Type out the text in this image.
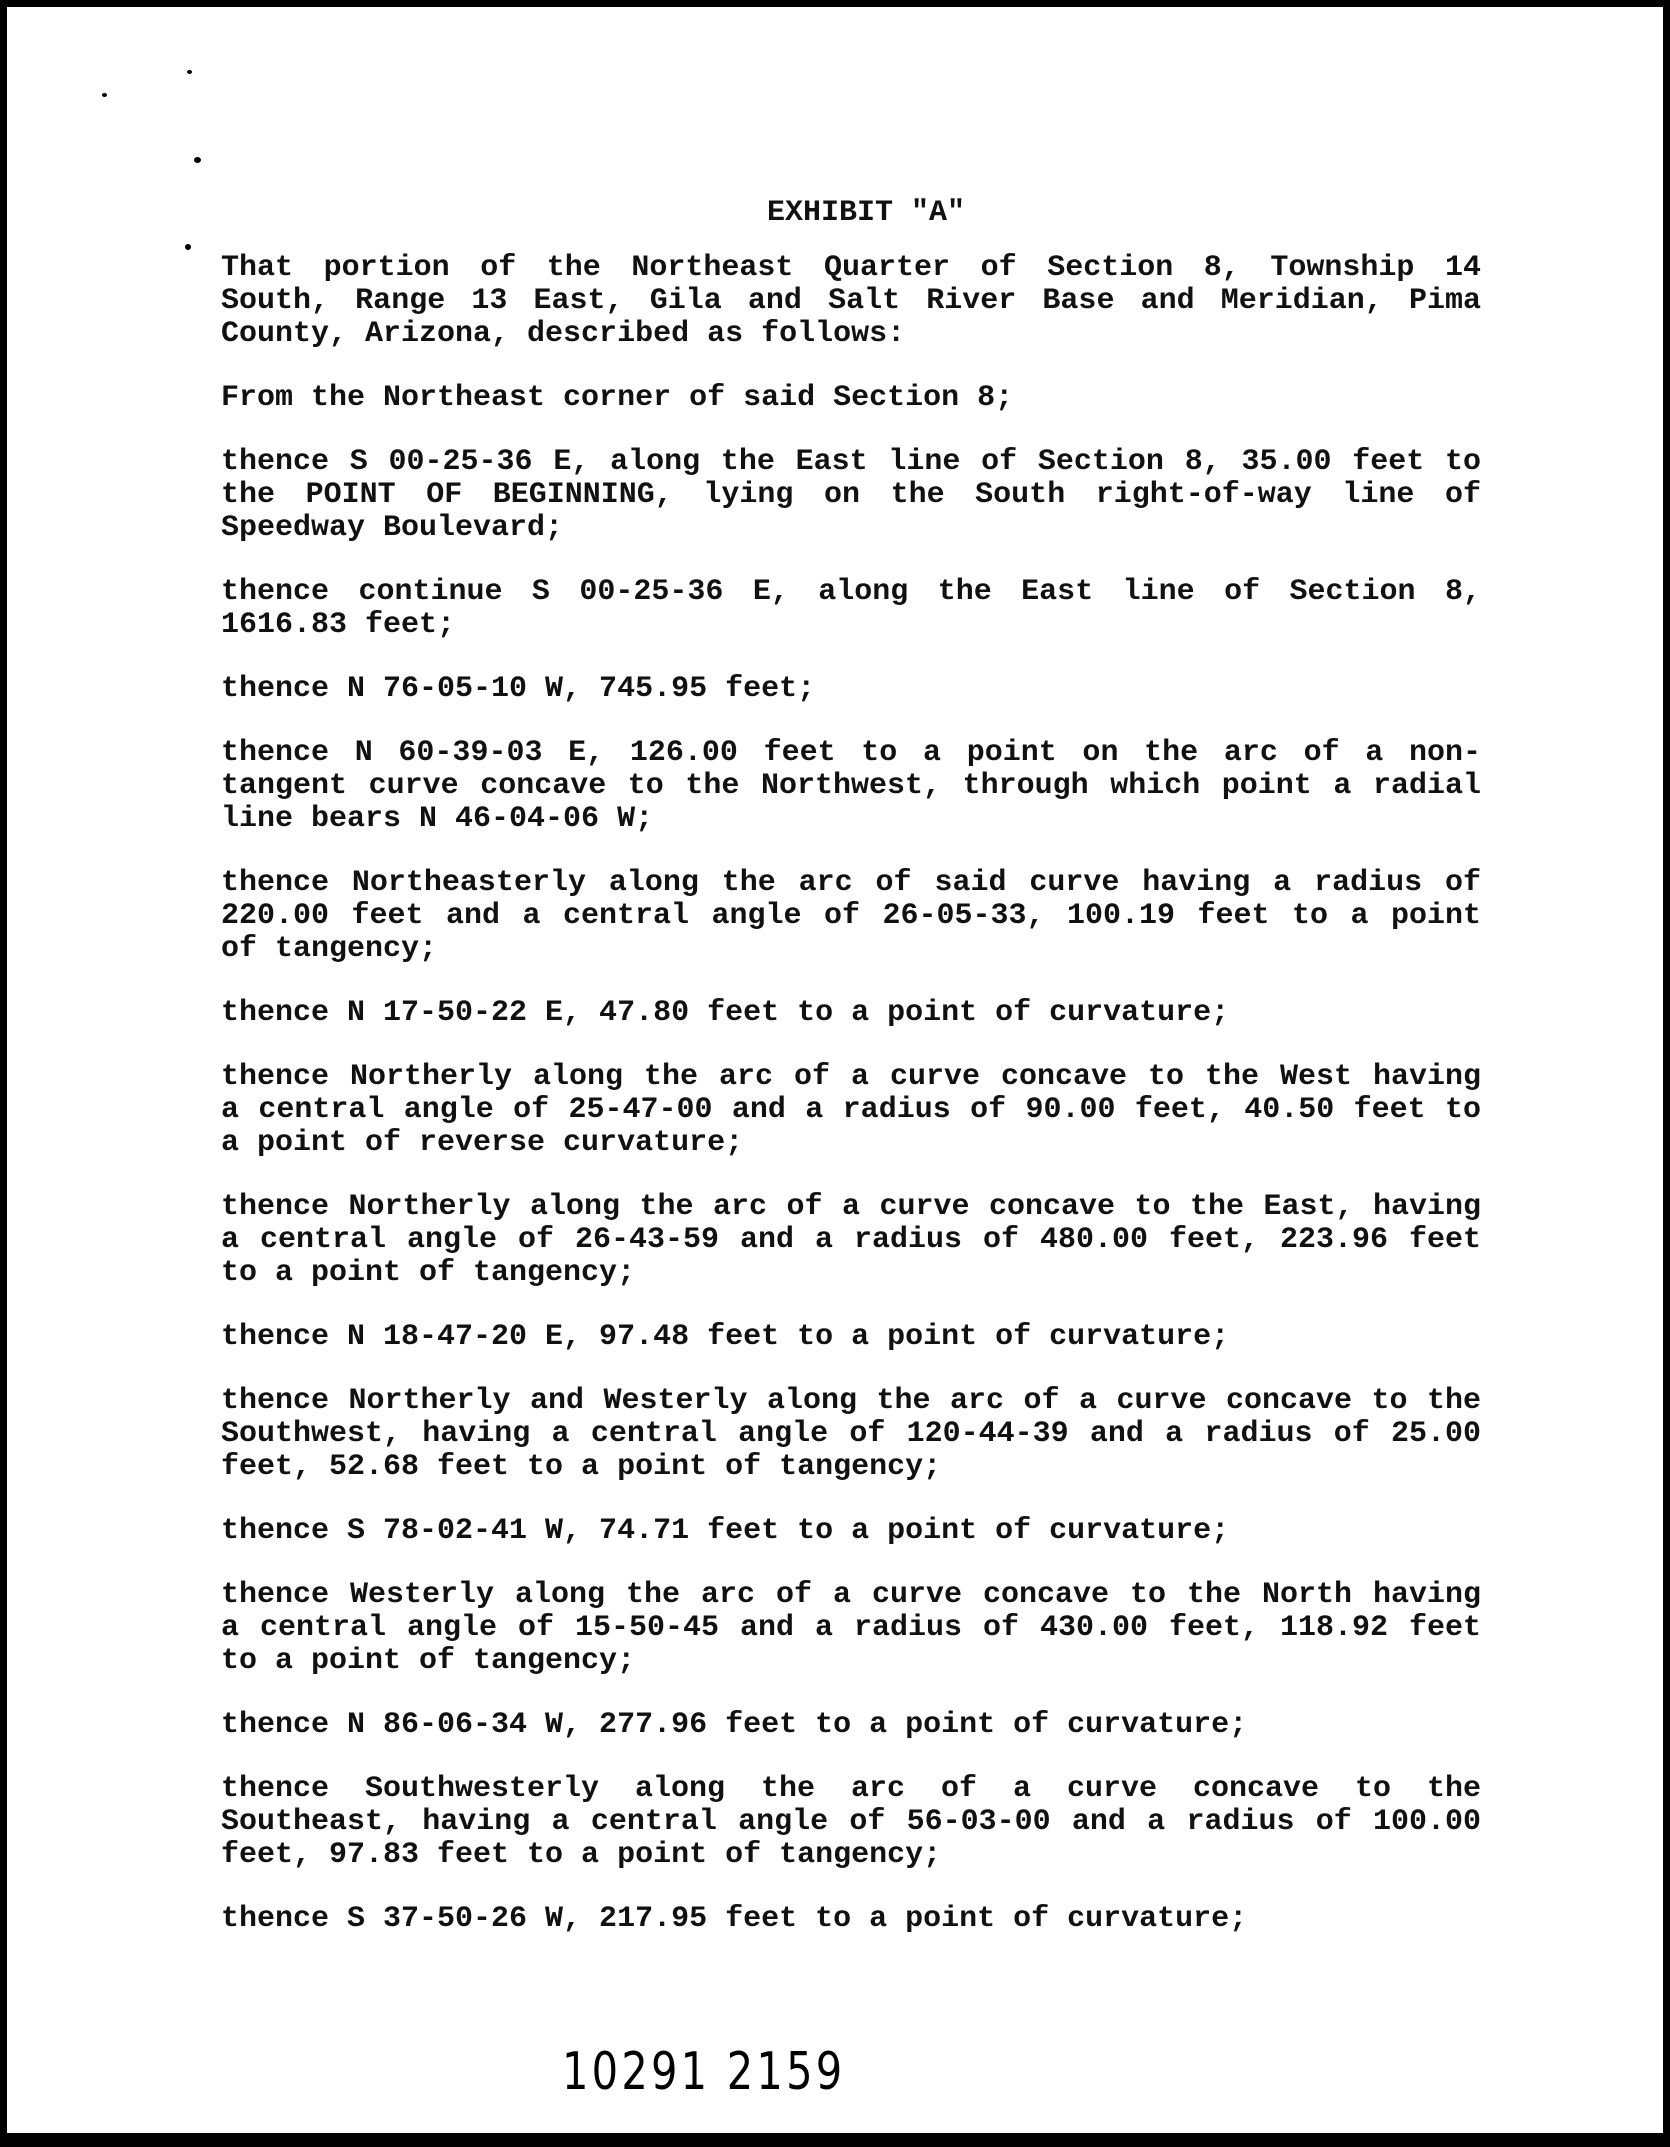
EXHIBIT "A"

That portion of the Northeast Quarter of Section 8, Township 14 South, Range 13 East, Gila and Salt River Base and Meridian, Pima County, Arizona, described as follows:

From the Northeast corner of said Section 8;

thence S 00-25-36 E, along the East line of Section 8, 35.00 feet to the POINT OF BEGINNING, lying on the South right-of-way line of Speedway Boulevard;

thence continue S 00-25-36 E, along the East line of Section 8, 1616.83 feet;

thence N 76-05-10 W, 745.95 feet;

thence N 60-39-03 E, 126.00 feet to a point on the arc of a non-tangent curve concave to the Northwest, through which point a radial line bears N 46-04-06 W;

thence Northeasterly along the arc of said curve having a radius of 220.00 feet and a central angle of 26-05-33, 100.19 feet to a point of tangency;

thence N 17-50-22 E, 47.80 feet to a point of curvature;

thence Northerly along the arc of a curve concave to the West having a central angle of 25-47-00 and a radius of 90.00 feet, 40.50 feet to a point of reverse curvature;

thence Northerly along the arc of a curve concave to the East, having a central angle of 26-43-59 and a radius of 480.00 feet, 223.96 feet to a point of tangency;

thence N 18-47-20 E, 97.48 feet to a point of curvature;

thence Northerly and Westerly along the arc of a curve concave to the Southwest, having a central angle of 120-44-39 and a radius of 25.00 feet, 52.68 feet to a point of tangency;

thence S 78-02-41 W, 74.71 feet to a point of curvature;

thence Westerly along the arc of a curve concave to the North having a central angle of 15-50-45 and a radius of 430.00 feet, 118.92 feet to a point of tangency;

thence N 86-06-34 W, 277.96 feet to a point of curvature;

thence Southwesterly along the arc of a curve concave to the Southeast, having a central angle of 56-03-00 and a radius of 100.00 feet, 97.83 feet to a point of tangency;

thence S 37-50-26 W, 217.95 feet to a point of curvature;

10291 2159
